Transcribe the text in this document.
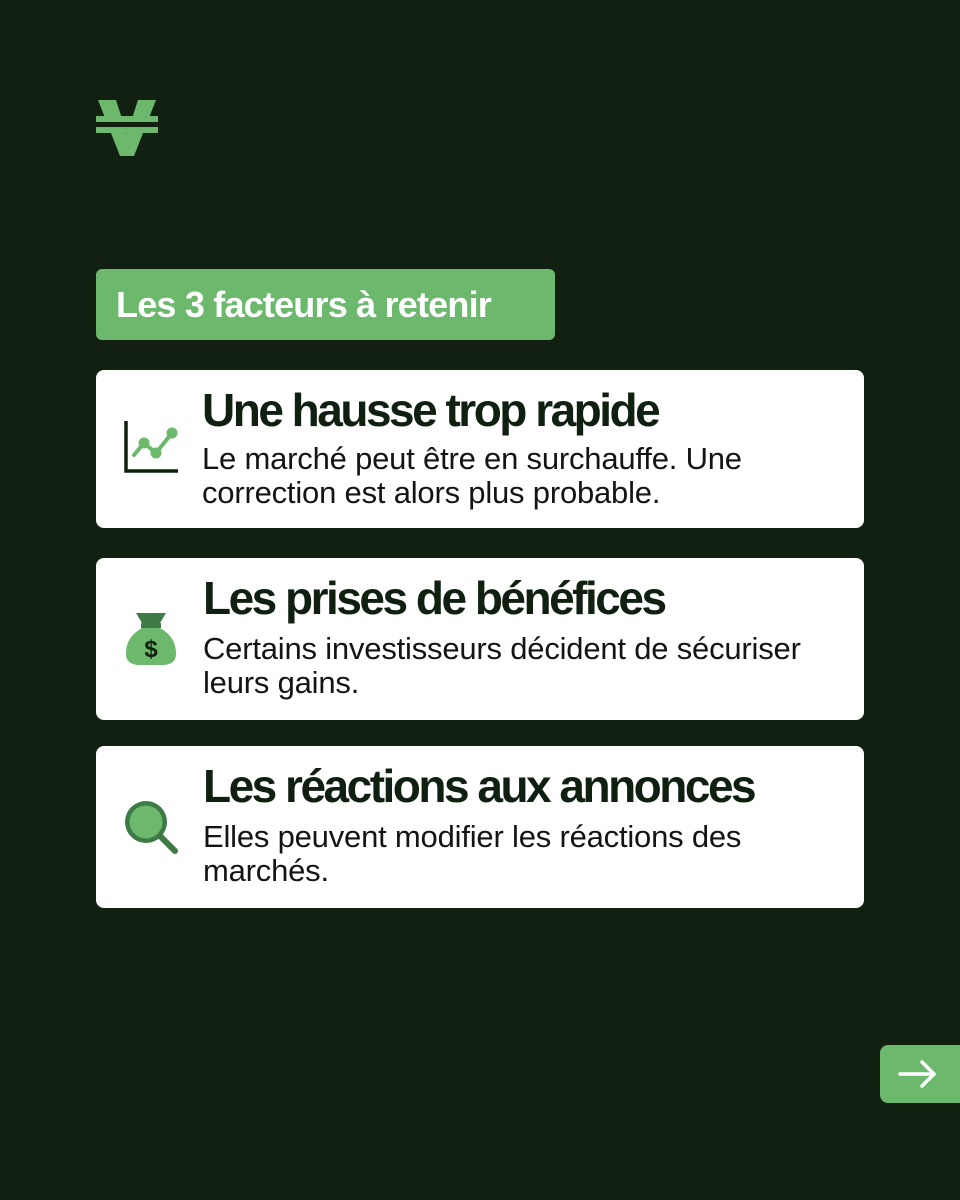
Les 3 facteurs à retenir
Une hausse trop rapide

Le marché peut être en surchauffe. Une correction est alors plus probable.

$
Les prises de bénéfices

Certains investisseurs décident de sécuriser leurs gains.

Les réactions aux annonces

Elles peuvent modifier les réactions des marchés.
